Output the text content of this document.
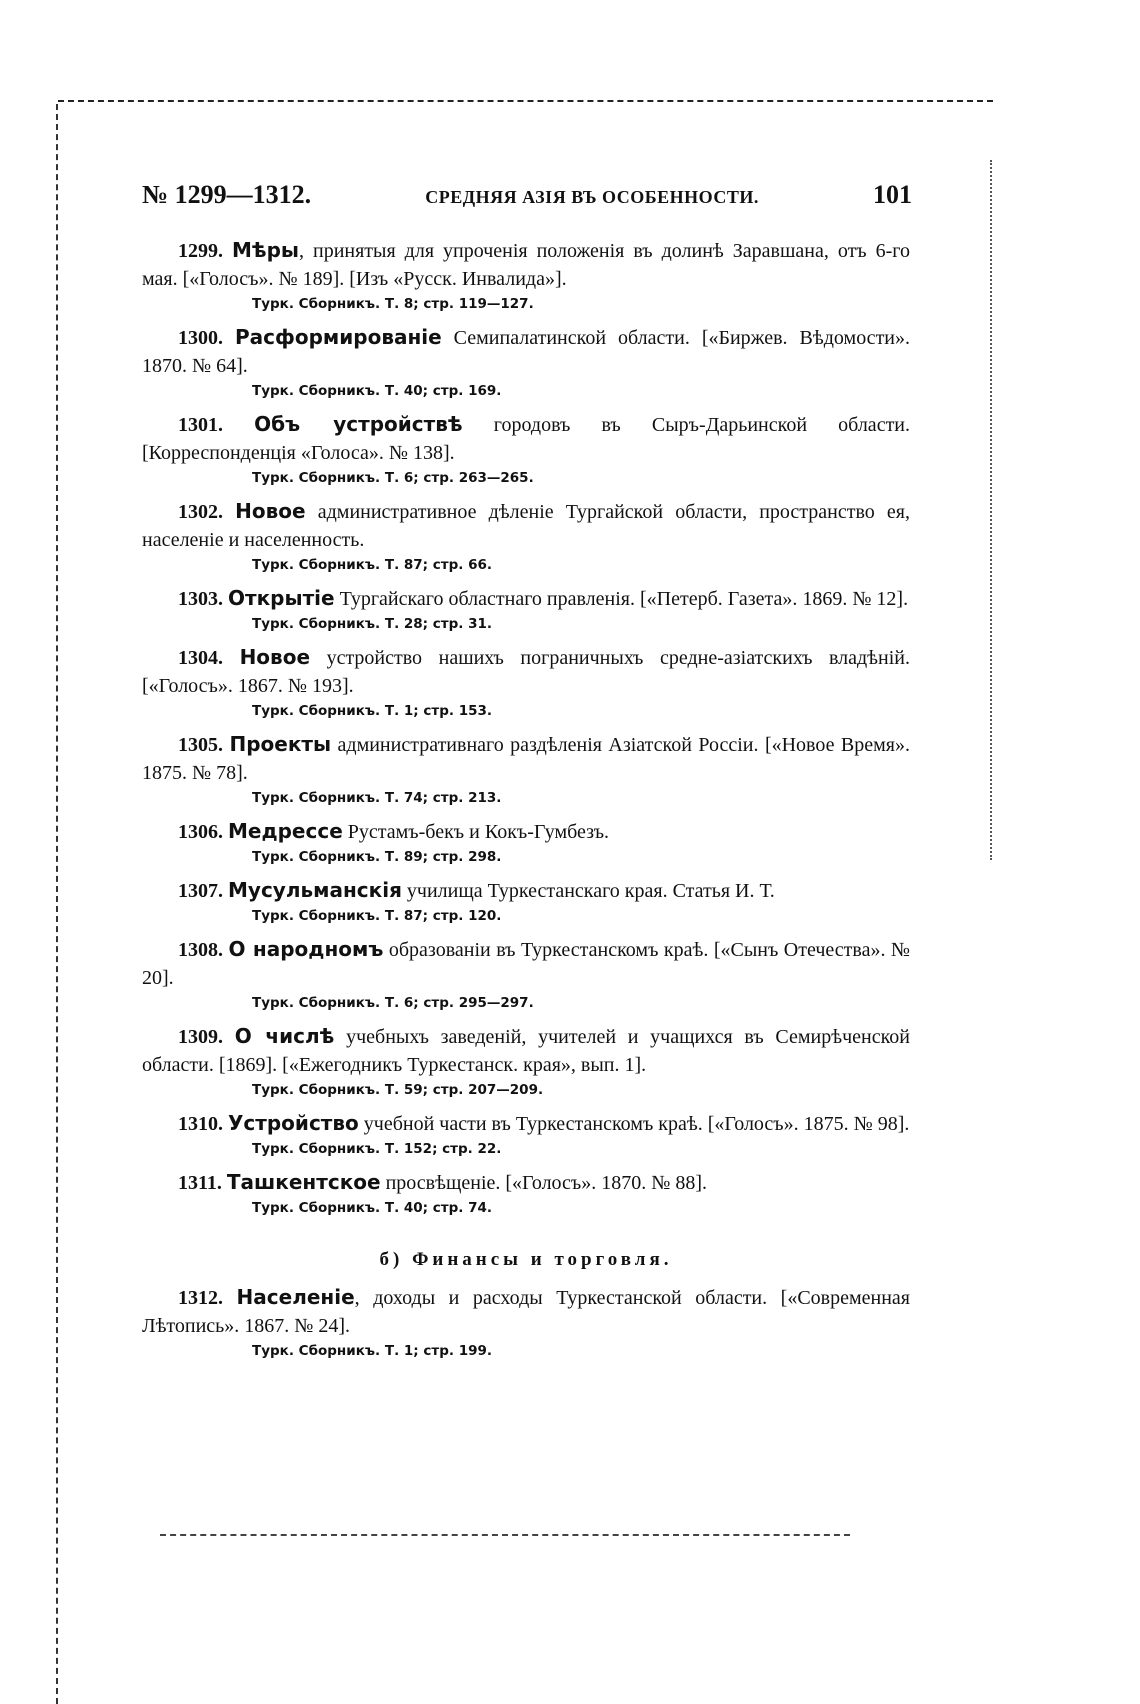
№ 1299—1312.	СРЕДНЯЯ АЗІЯ ВЪ ОСОБЕННОСТИ.	101

1299. Мѣры, принятыя для упроченія положенія въ долинѣ Заравшана, отъ 6-го мая. [«Голосъ». № 189]. [Изъ «Русск. Инвалида»].

Турк. Сборникъ. Т. 8; стр. 119—127.

1300. Расформированіе Семипалатинской области. [«Биржев. Вѣдомости». 1870. № 64].

Турк. Сборникъ. Т. 40; стр. 169.

1301. Объ устройствѣ городовъ въ Сыръ-Дарьинской области. [Корреспонденція «Голоса». № 138].

Турк. Сборникъ. Т. 6; стр. 263—265.

1302. Новое административное дѣленіе Тургайской области, пространство ея, населеніе и населенность.

Турк. Сборникъ. Т. 87; стр. 66.

1303. Открытіе Тургайскаго областнаго правленія. [«Петерб. Газета». 1869. № 12].

Турк. Сборникъ. Т. 28; стр. 31.

1304. Новое устройство нашихъ пограничныхъ средне-азіатскихъ владѣній. [«Голосъ». 1867. № 193].

Турк. Сборникъ. Т. 1; стр. 153.

1305. Проекты административнаго раздѣленія Азіатской Россіи. [«Новое Время». 1875. № 78].

Турк. Сборникъ. Т. 74; стр. 213.

1306. Медрессе Рустамъ-бекъ и Кокъ-Гумбезъ.

Турк. Сборникъ. Т. 89; стр. 298.

1307. Мусульманскія училища Туркестанскаго края. Статья И. Т.

Турк. Сборникъ. Т. 87; стр. 120.

1308. О народномъ образованіи въ Туркестанскомъ краѣ. [«Сынъ Отечества». № 20].

Турк. Сборникъ. Т. 6; стр. 295—297.

1309. О числѣ учебныхъ заведеній, учителей и учащихся въ Семирѣченской области. [1869]. [«Ежегодникъ Туркестанск. края», вып. 1].

Турк. Сборникъ. Т. 59; стр. 207—209.

1310. Устройство учебной части въ Туркестанскомъ краѣ. [«Голосъ». 1875. № 98].

Турк. Сборникъ. Т. 152; стр. 22.

1311. Ташкентское просвѣщеніе. [«Голосъ». 1870. № 88].

Турк. Сборникъ. Т. 40; стр. 74.

б) Финансы и торговля.

1312. Населеніе, доходы и расходы Туркестанской области. [«Современная Лѣтопись». 1867. № 24].

Турк. Сборникъ. Т. 1; стр. 199.
